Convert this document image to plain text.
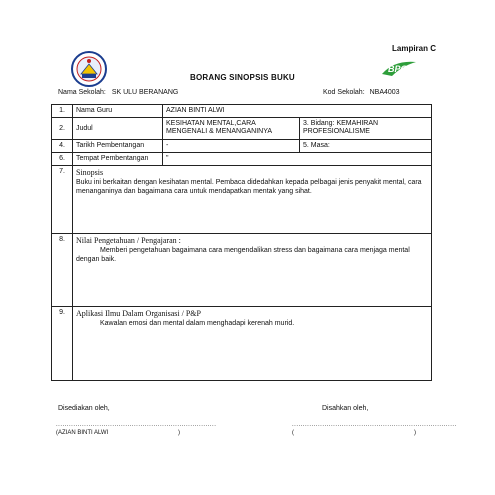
Lampiran C
BPG
BORANG SINOPSIS BUKU
Nama Sekolah: SK ULU BERANANG	Kod Sekolah: NBA4003
1.	Nama Guru	AZIAN BINTI ALWI	
2.	Judul	KESIHATAN MENTAL,CARA MENGENALI & MENANGANINYA	3. Bidang: KEMAHIRAN PROFESIONALISME
4.	Tarikh Pembentangan	-	5. Masa:
6.	Tempat Pembentangan	"	
7.	Sinopsis
Buku ini berkaitan dengan kesihatan mental. Pembaca didedahkan kepada pelbagai jenis penyakit mental, cara menanganinya dan bagaimana cara untuk mendapatkan mentak yang sihat.		

8.	Nilai Pengetahuan / Pengajaran :
Memberi pengetahuan bagaimana cara mengendalikan stress dan bagaimana cara menjaga mental dengan baik.		

9.	Aplikasi Ilmu Dalam Organisasi / P&P
Kawalan emosi dan mental dalam menghadapi kerenah murid.		
Disediakan oleh,	Disahkan oleh,
..........................................................................	............................................................................
(AZIAN BINTI ALWI	)	(	)
